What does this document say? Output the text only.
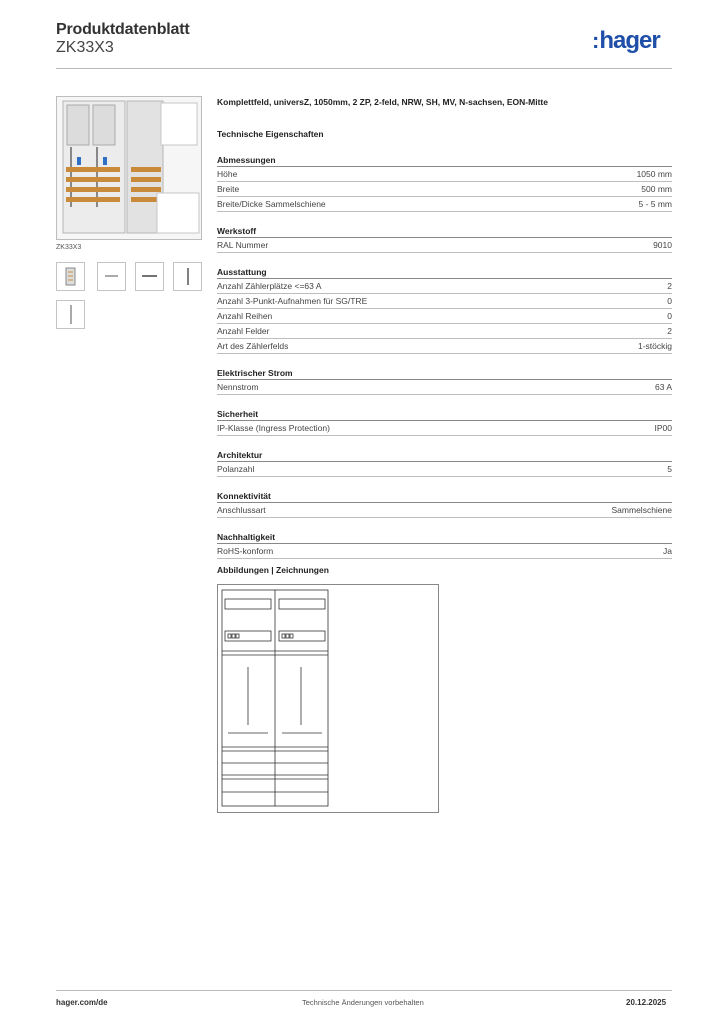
Produktdatenblatt
ZK33X3	:hager
ZK33X3
Komplettfeld, universZ, 1050mm, 2 ZP, 2-feld, NRW, SH, MV, N-sachsen, EON-Mitte
Technische Eigenschaften
Abmessungen
Höhe	1050 mm
Breite	500 mm
Breite/Dicke Sammelschiene	5 - 5 mm
Werkstoff
RAL Nummer	9010
Ausstattung
Anzahl Zählerplätze <=63 A	2
Anzahl 3-Punkt-Aufnahmen für SG/TRE	0
Anzahl Reihen	0
Anzahl Felder	2
Art des Zählerfelds	1-stöckig
Elektrischer Strom
Nennstrom	63 A
Sicherheit
IP-Klasse (Ingress Protection)	IP00
Architektur
Polanzahl	5
Konnektivität
Anschlussart	Sammelschiene
Nachhaltigkeit
RoHS-konform	Ja
Abbildungen | Zeichnungen
hager.com/de	Technische Änderungen vorbehalten	20.12.2025
